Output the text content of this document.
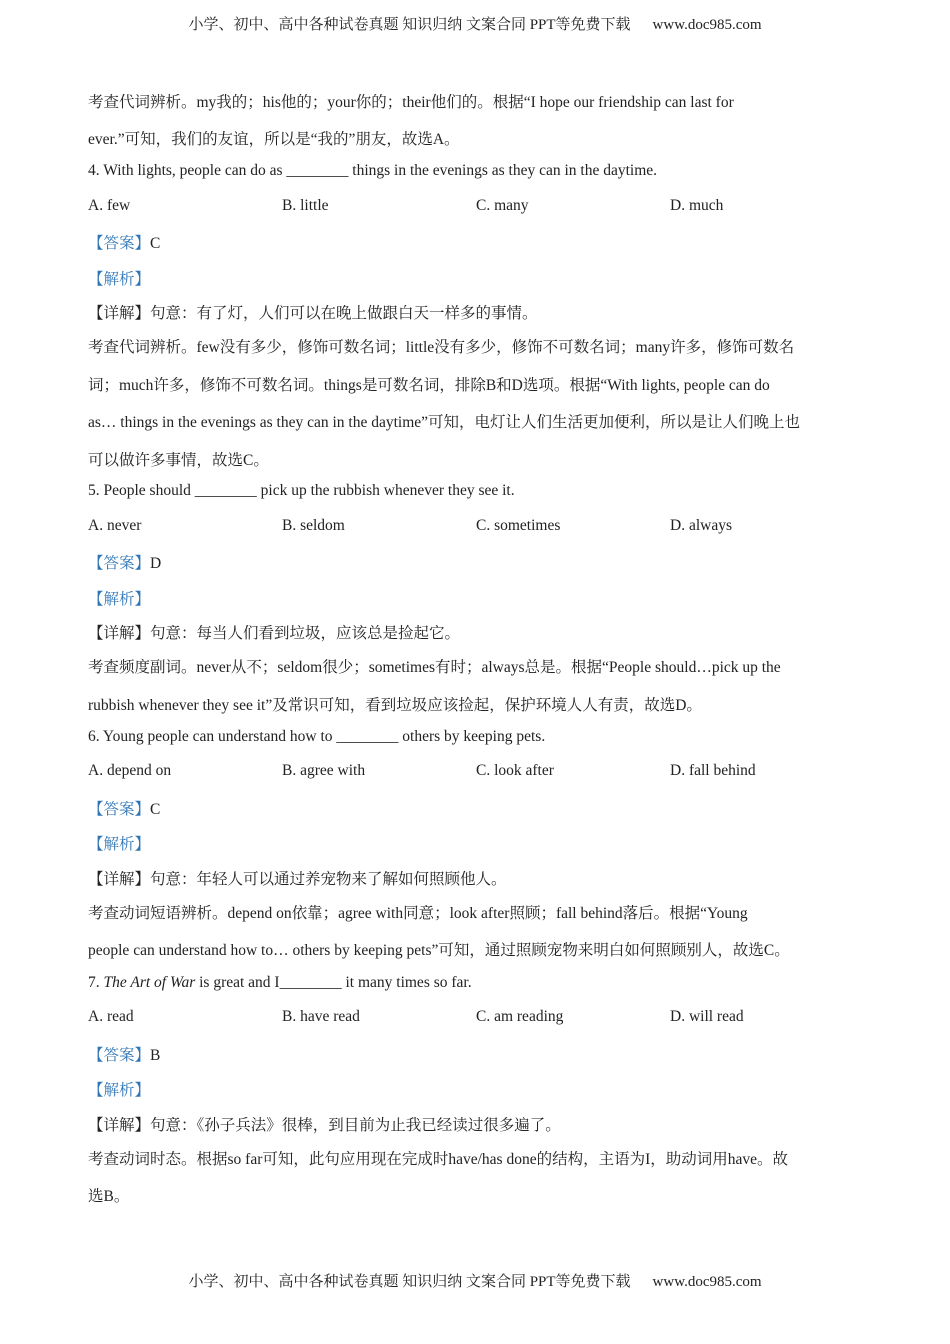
小学、初中、高中各种试卷真题 知识归纳 文案合同 PPT等免费下载 www.doc985.com
考查代词辨析。my我的；his他的；your你的；their他们的。根据“I hope our friendship can last for
ever.”可知，我们的友谊，所以是“我的”朋友，故选A。
4. With lights, people can do as ________ things in the evenings as they can in the daytime.
A. few	B. little	C. many	D. much
【答案】C
【解析】
【详解】句意：有了灯，人们可以在晚上做跟白天一样多的事情。
考查代词辨析。few没有多少，修饰可数名词；little没有多少，修饰不可数名词；many许多，修饰可数名
词；much许多，修饰不可数名词。things是可数名词，排除B和D选项。根据“With lights, people can do
as… things in the evenings as they can in the daytime”可知，电灯让人们生活更加便利，所以是让人们晚上也
可以做许多事情，故选C。
5. People should ________ pick up the rubbish whenever they see it.
A. never	B. seldom	C. sometimes	D. always
【答案】D
【解析】
【详解】句意：每当人们看到垃圾，应该总是捡起它。
考查频度副词。never从不；seldom很少；sometimes有时；always总是。根据“People should…pick up the
rubbish whenever they see it”及常识可知，看到垃圾应该捡起，保护环境人人有责，故选D。
6. Young people can understand how to ________ others by keeping pets.
A. depend on	B. agree with	C. look after	D. fall behind
【答案】C
【解析】
【详解】句意：年轻人可以通过养宠物来了解如何照顾他人。
考查动词短语辨析。depend on依靠；agree with同意；look after照顾；fall behind落后。根据“Young
people can understand how to… others by keeping pets”可知，通过照顾宠物来明白如何照顾别人，故选C。
7. The Art of War is great and I________ it many times so far.
A. read	B. have read	C. am reading	D. will read
【答案】B
【解析】
【详解】句意：《孙子兵法》很棒，到目前为止我已经读过很多遍了。
考查动词时态。根据so far可知，此句应用现在完成时have/has done的结构，主语为I，助动词用have。故
选B。
小学、初中、高中各种试卷真题 知识归纳 文案合同 PPT等免费下载 www.doc985.com
